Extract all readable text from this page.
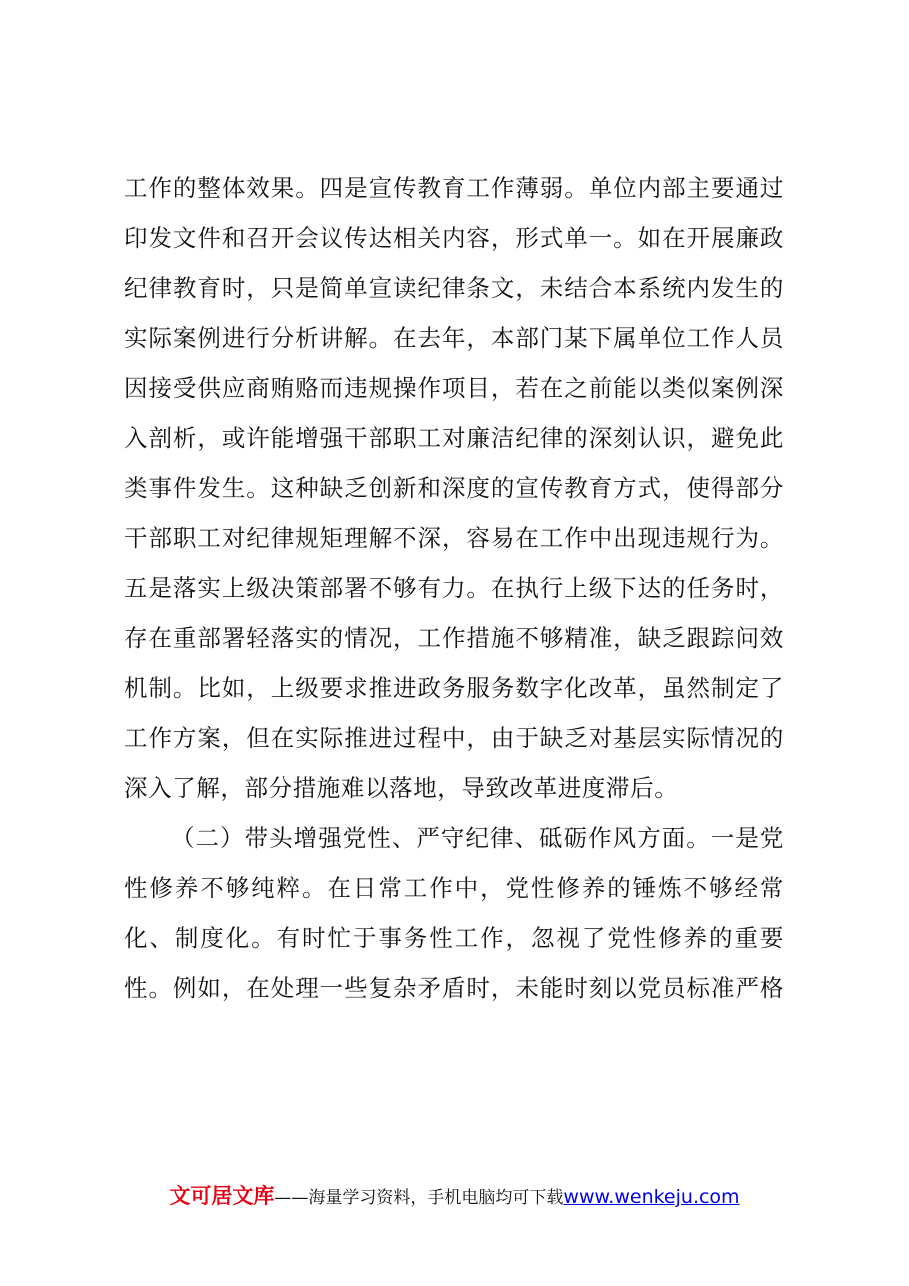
工作的整体效果。四是宣传教育工作薄弱。单位内部主要通过
印发文件和召开会议传达相关内容，形式单一。如在开展廉政
纪律教育时，只是简单宣读纪律条文，未结合本系统内发生的
实际案例进行分析讲解。在去年，本部门某下属单位工作人员
因接受供应商贿赂而违规操作项目，若在之前能以类似案例深
入剖析，或许能增强干部职工对廉洁纪律的深刻认识，避免此
类事件发生。这种缺乏创新和深度的宣传教育方式，使得部分
干部职工对纪律规矩理解不深，容易在工作中出现违规行为。
五是落实上级决策部署不够有力。在执行上级下达的任务时，
存在重部署轻落实的情况，工作措施不够精准，缺乏跟踪问效
机制。比如，上级要求推进政务服务数字化改革，虽然制定了
工作方案，但在实际推进过程中，由于缺乏对基层实际情况的
深入了解，部分措施难以落地，导致改革进度滞后。
（二）带头增强党性、严守纪律、砥砺作风方面。一是党
性修养不够纯粹。在日常工作中，党性修养的锤炼不够经常
化、制度化。有时忙于事务性工作，忽视了党性修养的重要
性。例如，在处理一些复杂矛盾时，未能时刻以党员标准严格
文可居文库——海量学习资料，手机电脑均可下载www.wenkeju.com
